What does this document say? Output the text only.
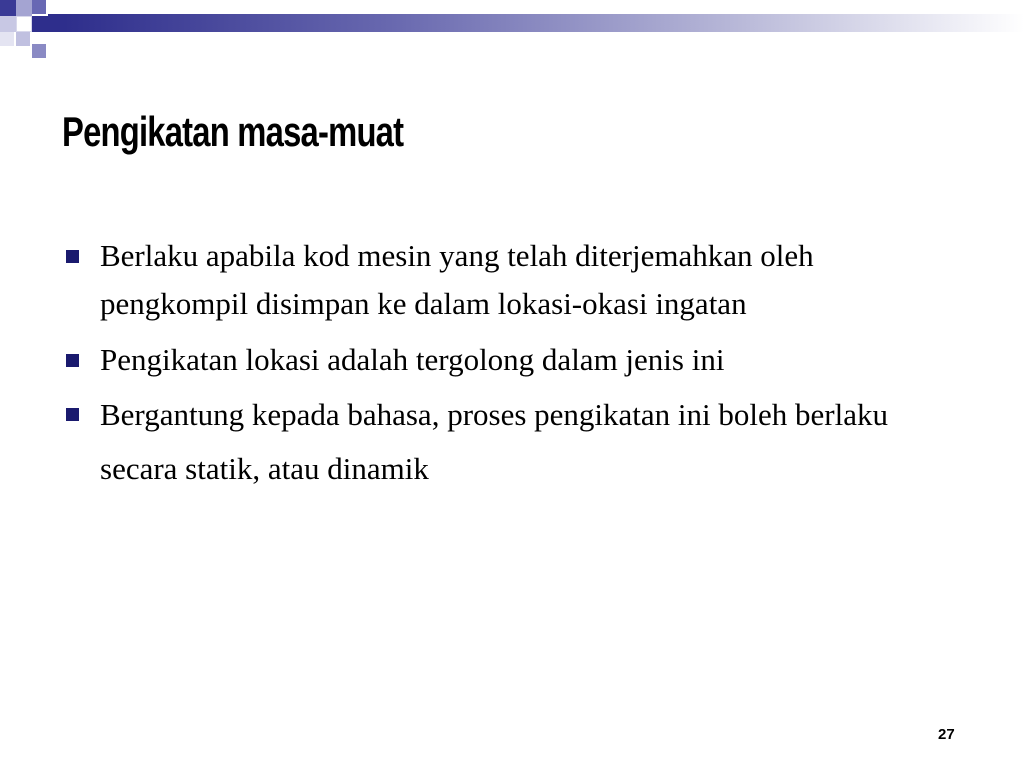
Pengikatan masa-muat
Berlaku apabila kod mesin yang telah diterjemahkan oleh pengkompil disimpan ke dalam lokasi-okasi ingatan
Pengikatan lokasi adalah tergolong dalam jenis ini
Bergantung kepada bahasa, proses pengikatan ini boleh berlaku secara statik, atau dinamik
27
